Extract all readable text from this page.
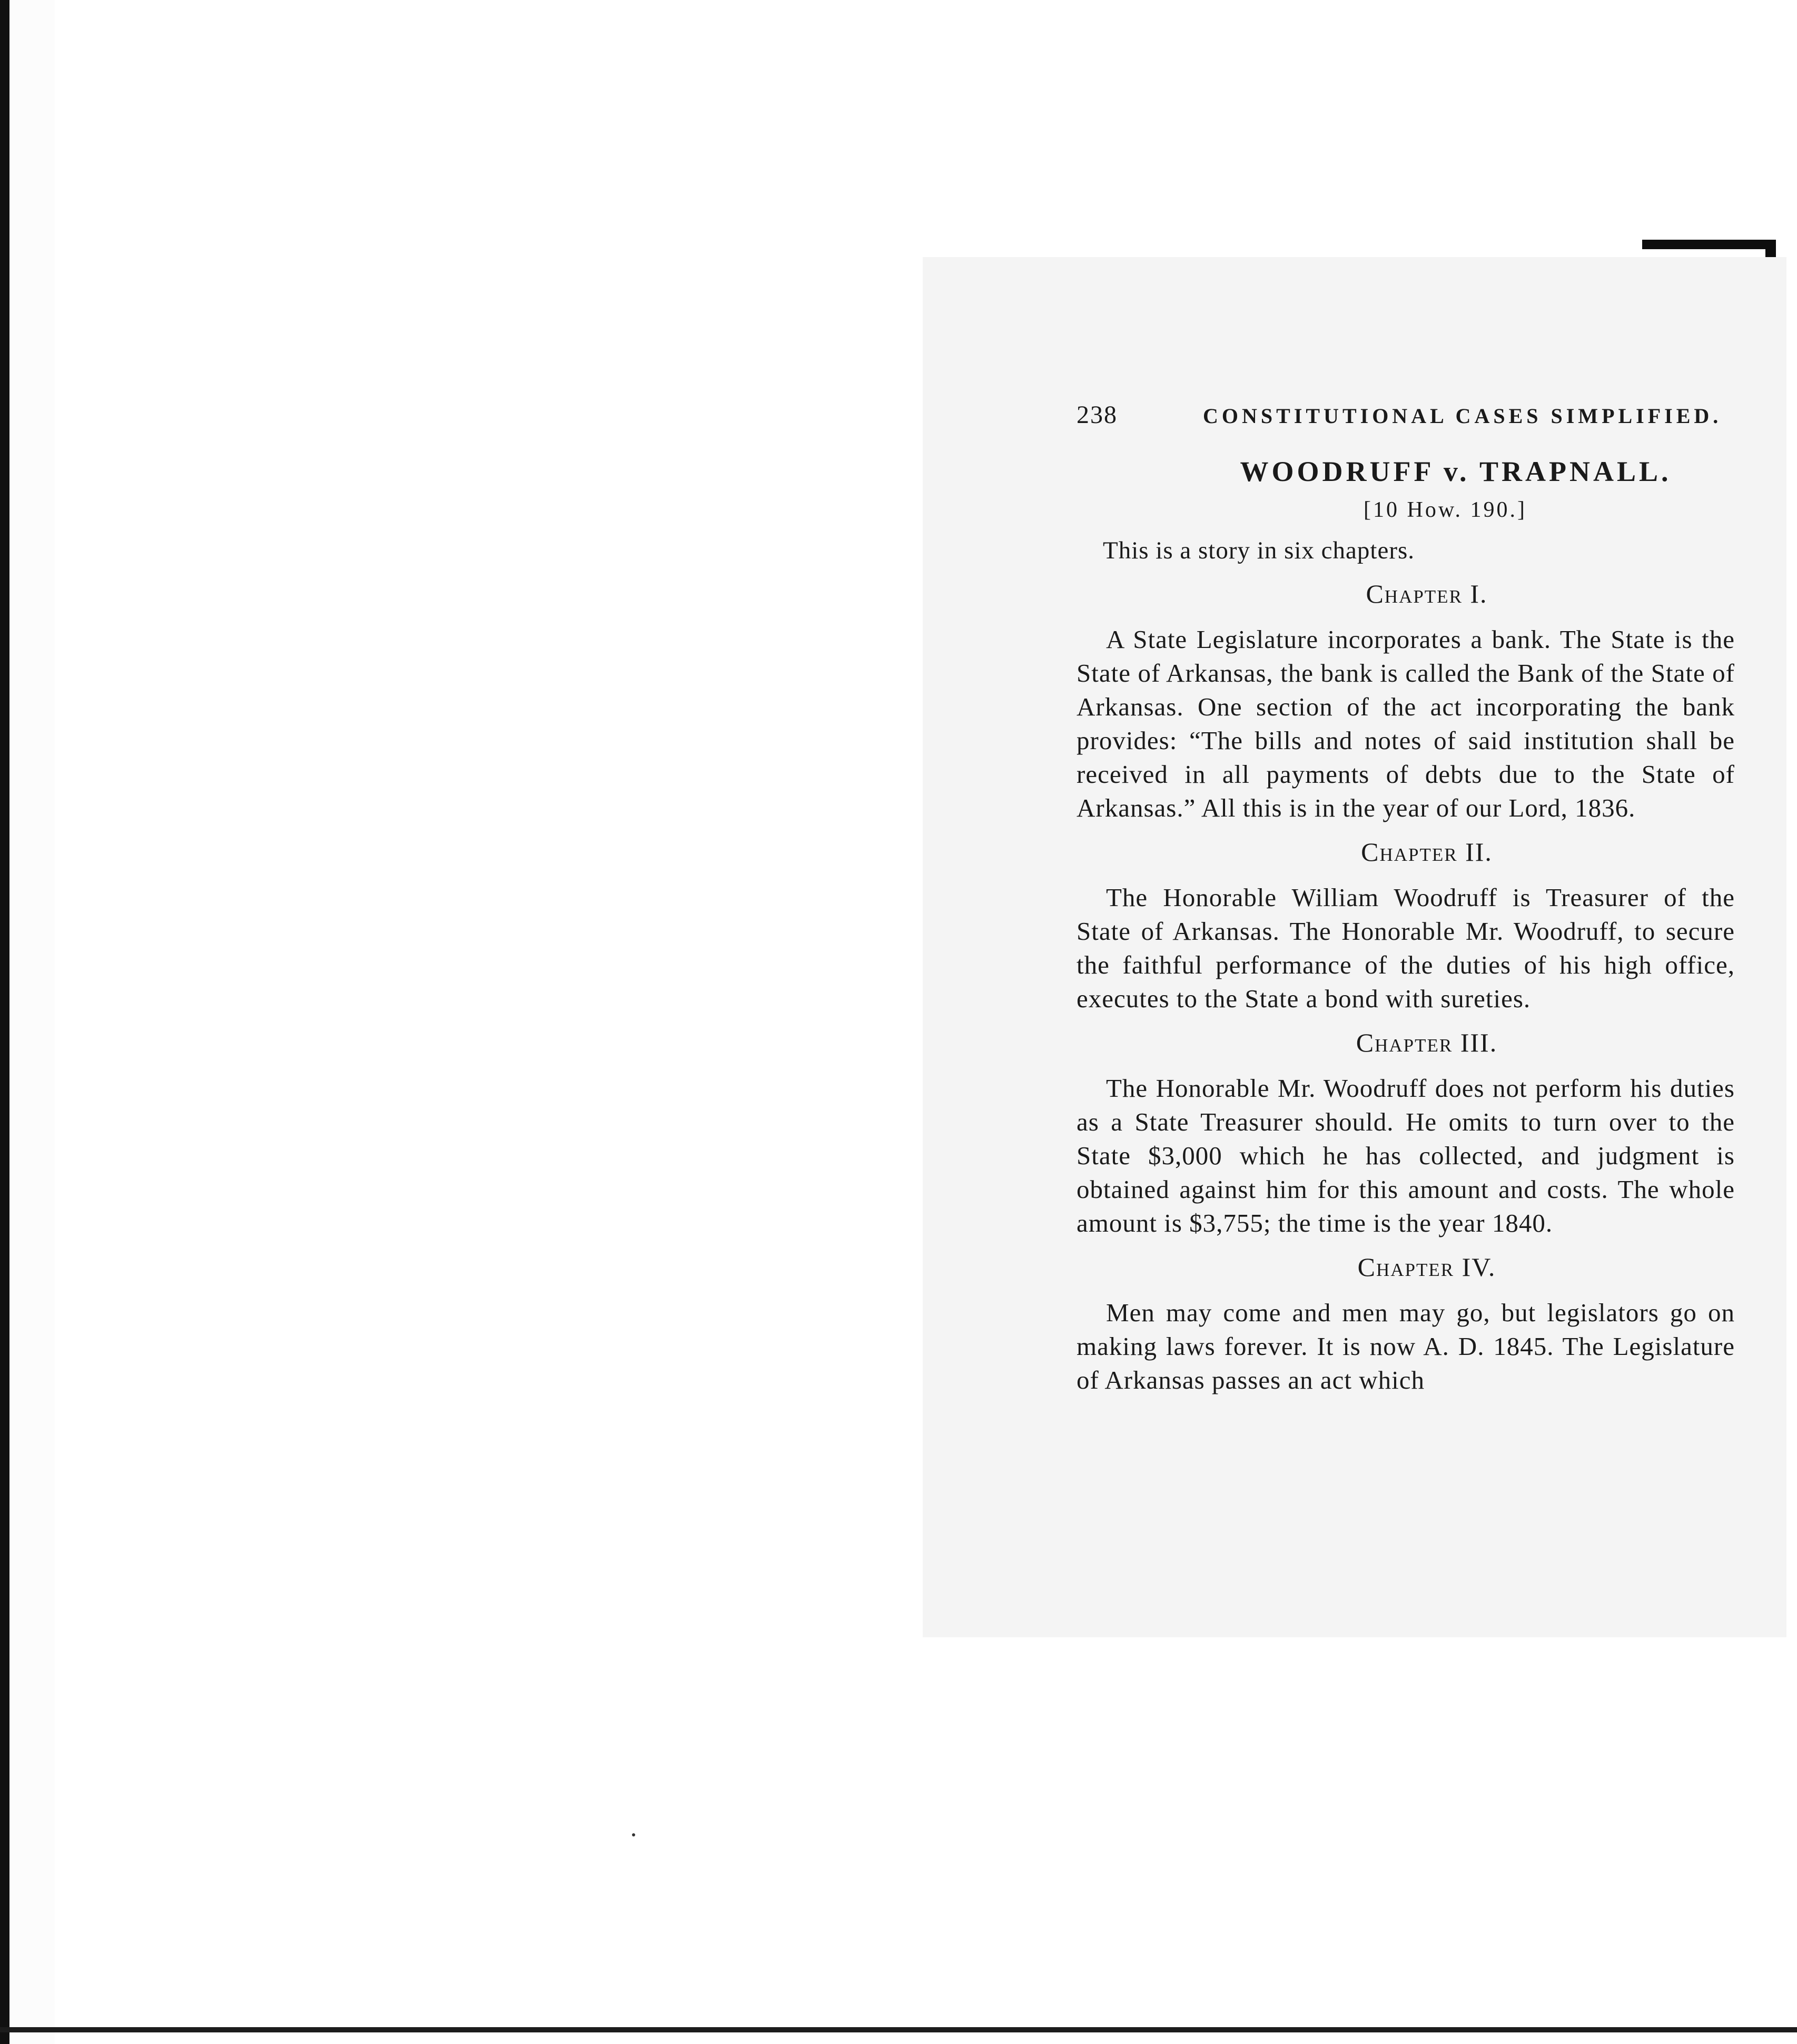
238	CONSTITUTIONAL CASES SIMPLIFIED.
WOODRUFF v. TRAPNALL.
[10 How. 190.]

This is a story in six chapters.

Chapter I.

A State Legislature incorporates a bank. The State is the State of Arkansas, the bank is called the Bank of the State of Arkansas. One section of the act incorporating the bank provides: “The bills and notes of said institution shall be received in all payments of debts due to the State of Arkansas.” All this is in the year of our Lord, 1836.

Chapter II.

The Honorable William Woodruff is Treasurer of the State of Arkansas. The Honorable Mr. Woodruff, to secure the faithful performance of the duties of his high office, executes to the State a bond with sureties.

Chapter III.

The Honorable Mr. Woodruff does not perform his duties as a State Treasurer should. He omits to turn over to the State $3,000 which he has collected, and judgment is obtained against him for this amount and costs. The whole amount is $3,755; the time is the year 1840.

Chapter IV.

Men may come and men may go, but legislators go on making laws forever. It is now A. D. 1845. The Legislature of Arkansas passes an act which
